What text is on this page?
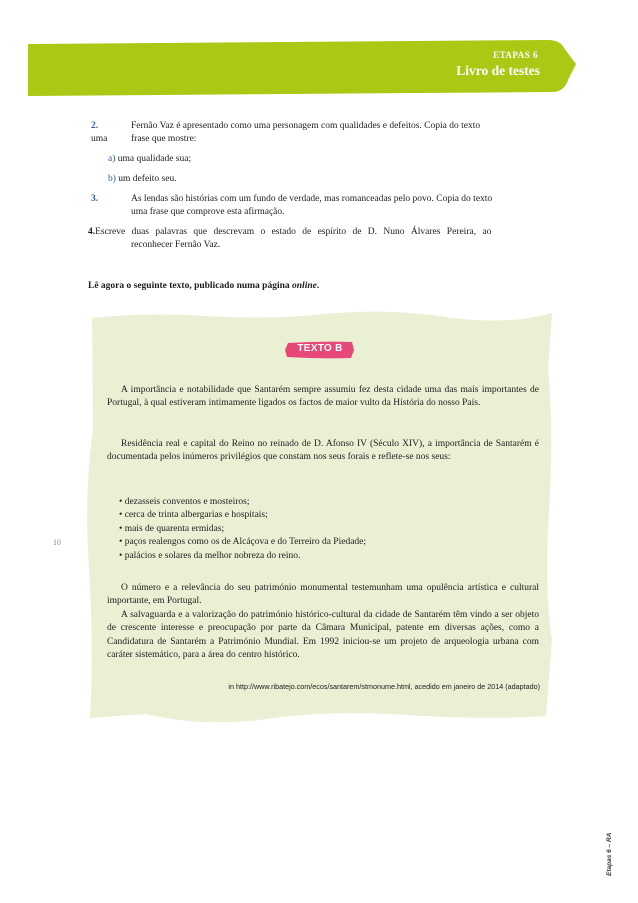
ETAPAS 6
Livro de testes
2.	Fernão Vaz é apresentado como uma personagem com qualidades e defeitos. Copia do texto
uma frase que mostre:
a) uma qualidade sua;
b) um defeito seu.
3.	As lendas são histórias com um fundo de verdade, mas romanceadas pelo povo. Copia do texto
uma frase que comprove esta afirmação.
4.Escreve duas palavras que descrevam o estado de espírito de D. Nuno Álvares Pereira, ao
reconhecer Fernão Vaz.
Lê agora o seguinte texto, publicado numa página online.
TEXTO B

A importância e notabilidade que Santarém sempre assumiu fez desta cidade uma das mais importantes de Portugal, à qual estiveram intimamente ligados os factos de maior vulto da História do nosso País.

Residência real e capital do Reino no reinado de D. Afonso IV (Século XIV), a importância de Santarém é documentada pelos inúmeros privilégios que constam nos seus forais e reflete-se nos seus:

• dezasseis conventos e mosteiros;
• cerca de trinta albergarias e hospitais;
• mais de quarenta ermidas;
• paços realengos como os de Alcáçova e do Terreiro da Piedade;
• palácios e solares da melhor nobreza do reino.
10

O número e a relevância do seu património monumental testemunham uma opulência artística e cultural importante, em Portugal.

A salvaguarda e a valorização do património histórico-cultural da cidade de Santarém têm vindo a ser objeto de crescente interesse e preocupação por parte da Câmara Municipal, patente em diversas ações, como a Candidatura de Santarém a Património Mundial. Em 1992 iniciou-se um projeto de arqueologia urbana com caráter sistemático, para a área do centro histórico.

in http://www.ribatejo.com/ecos/santarem/stmonume.html, acedido em janeiro de 2014 (adaptado)
Etapas 6 – RA
